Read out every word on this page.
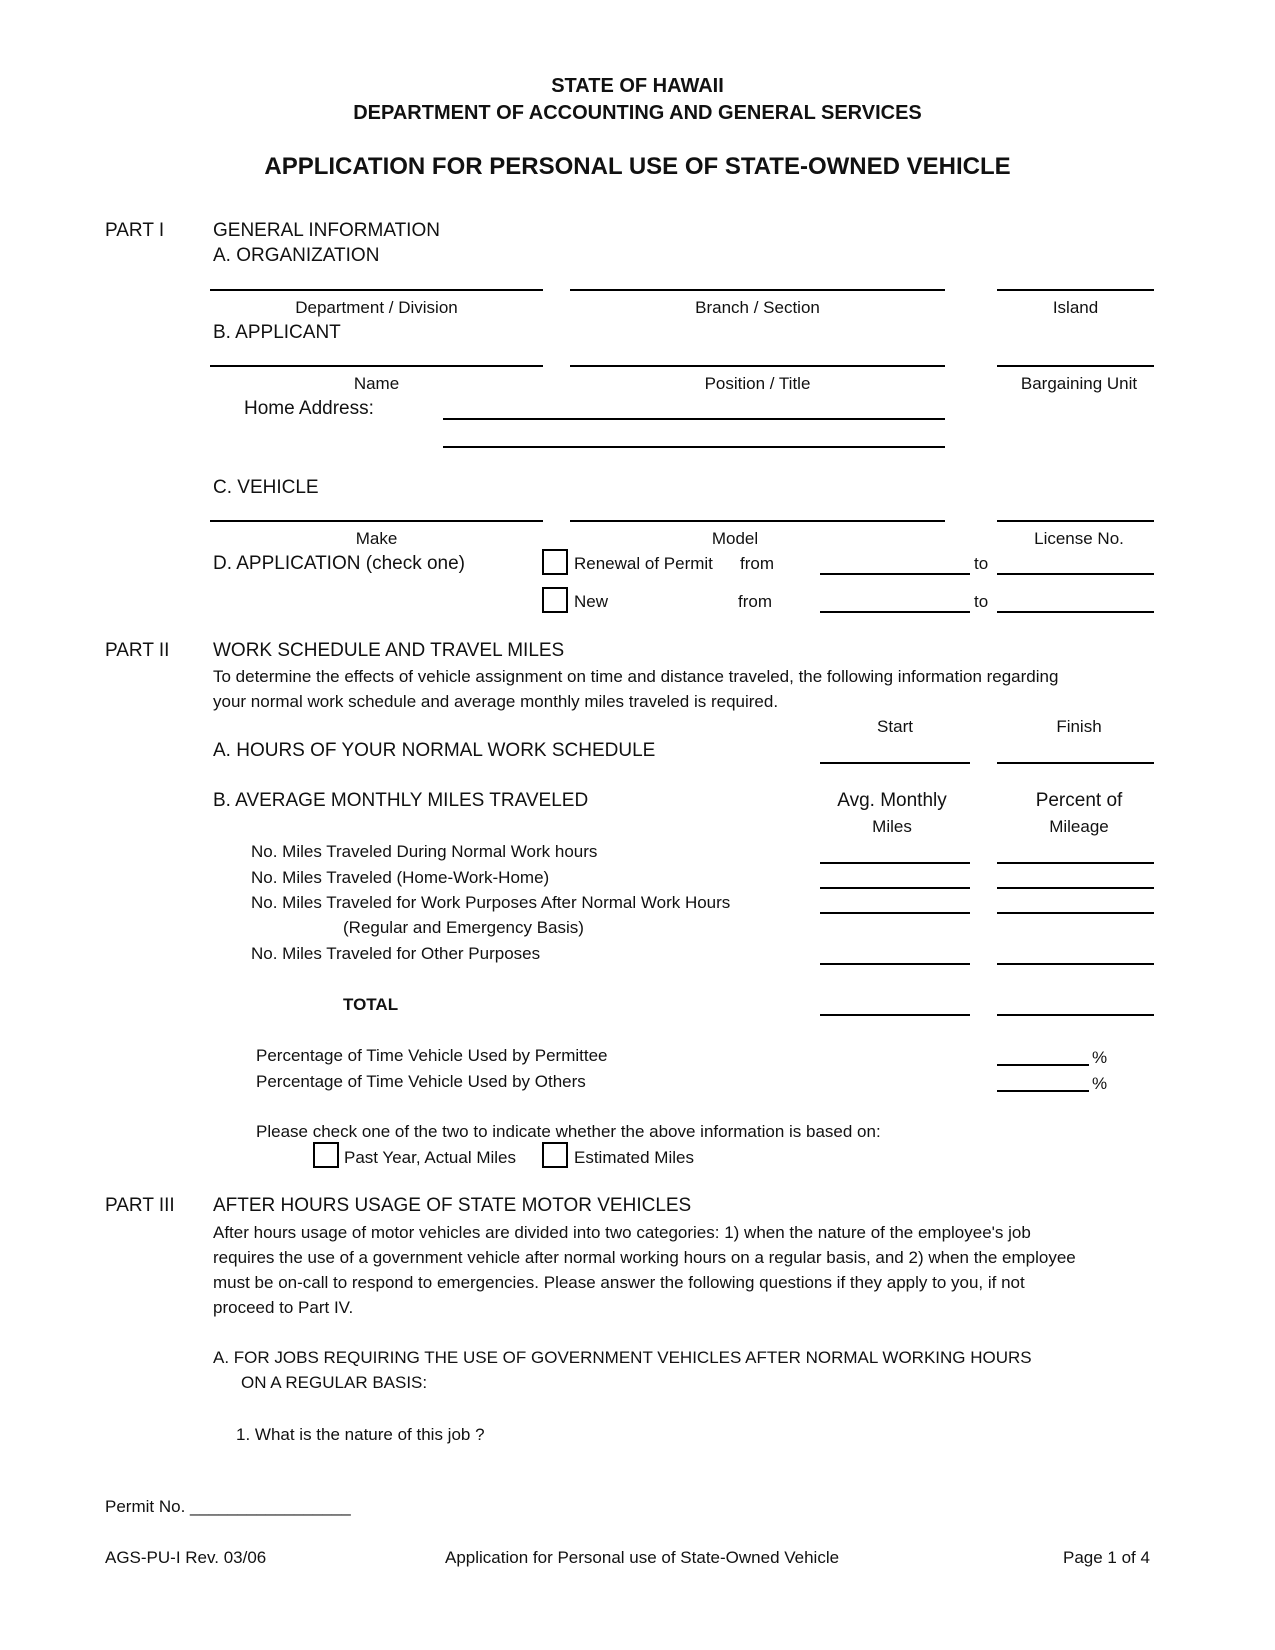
STATE OF HAWAII
DEPARTMENT OF ACCOUNTING AND GENERAL SERVICES
APPLICATION FOR PERSONAL USE OF STATE-OWNED VEHICLE
PART I	GENERAL INFORMATION
A. ORGANIZATION
Department / Division	Branch / Section	Island
B. APPLICANT
Name	Position / Title	Bargaining Unit
Home Address:
C. VEHICLE
Make	Model	License No.
D. APPLICATION (check one)	Renewal of Permit from	to
New	from	to
PART II WORK SCHEDULE AND TRAVEL MILES
To determine the effects of vehicle assignment on time and distance traveled, the following information regarding
your normal work schedule and average monthly miles traveled is required.
Start	Finish
A. HOURS OF YOUR NORMAL WORK SCHEDULE
B. AVERAGE MONTHLY MILES TRAVELED	Avg. Monthly	Percent of
Miles	Mileage
No. Miles Traveled During Normal Work hours
No. Miles Traveled (Home-Work-Home)
No. Miles Traveled for Work Purposes After Normal Work Hours
(Regular and Emergency Basis)
No. Miles Traveled for Other Purposes
TOTAL
Percentage of Time Vehicle Used by Permittee	%
Percentage of Time Vehicle Used by Others	%
Please check one of the two to indicate whether the above information is based on:
Past Year, Actual Miles	Estimated Miles
PART III AFTER HOURS USAGE OF STATE MOTOR VEHICLES
After hours usage of motor vehicles are divided into two categories: 1) when the nature of the employee's job
requires the use of a government vehicle after normal working hours on a regular basis, and 2) when the employee
must be on-call to respond to emergencies. Please answer the following questions if they apply to you, if not
proceed to Part IV.
A. FOR JOBS REQUIRING THE USE OF GOVERNMENT VEHICLES AFTER NORMAL WORKING HOURS
ON A REGULAR BASIS:
1. What is the nature of this job ?
Permit No. _________________
AGS-PU-I Rev. 03/06	Application for Personal use of State-Owned Vehicle	Page 1 of 4
